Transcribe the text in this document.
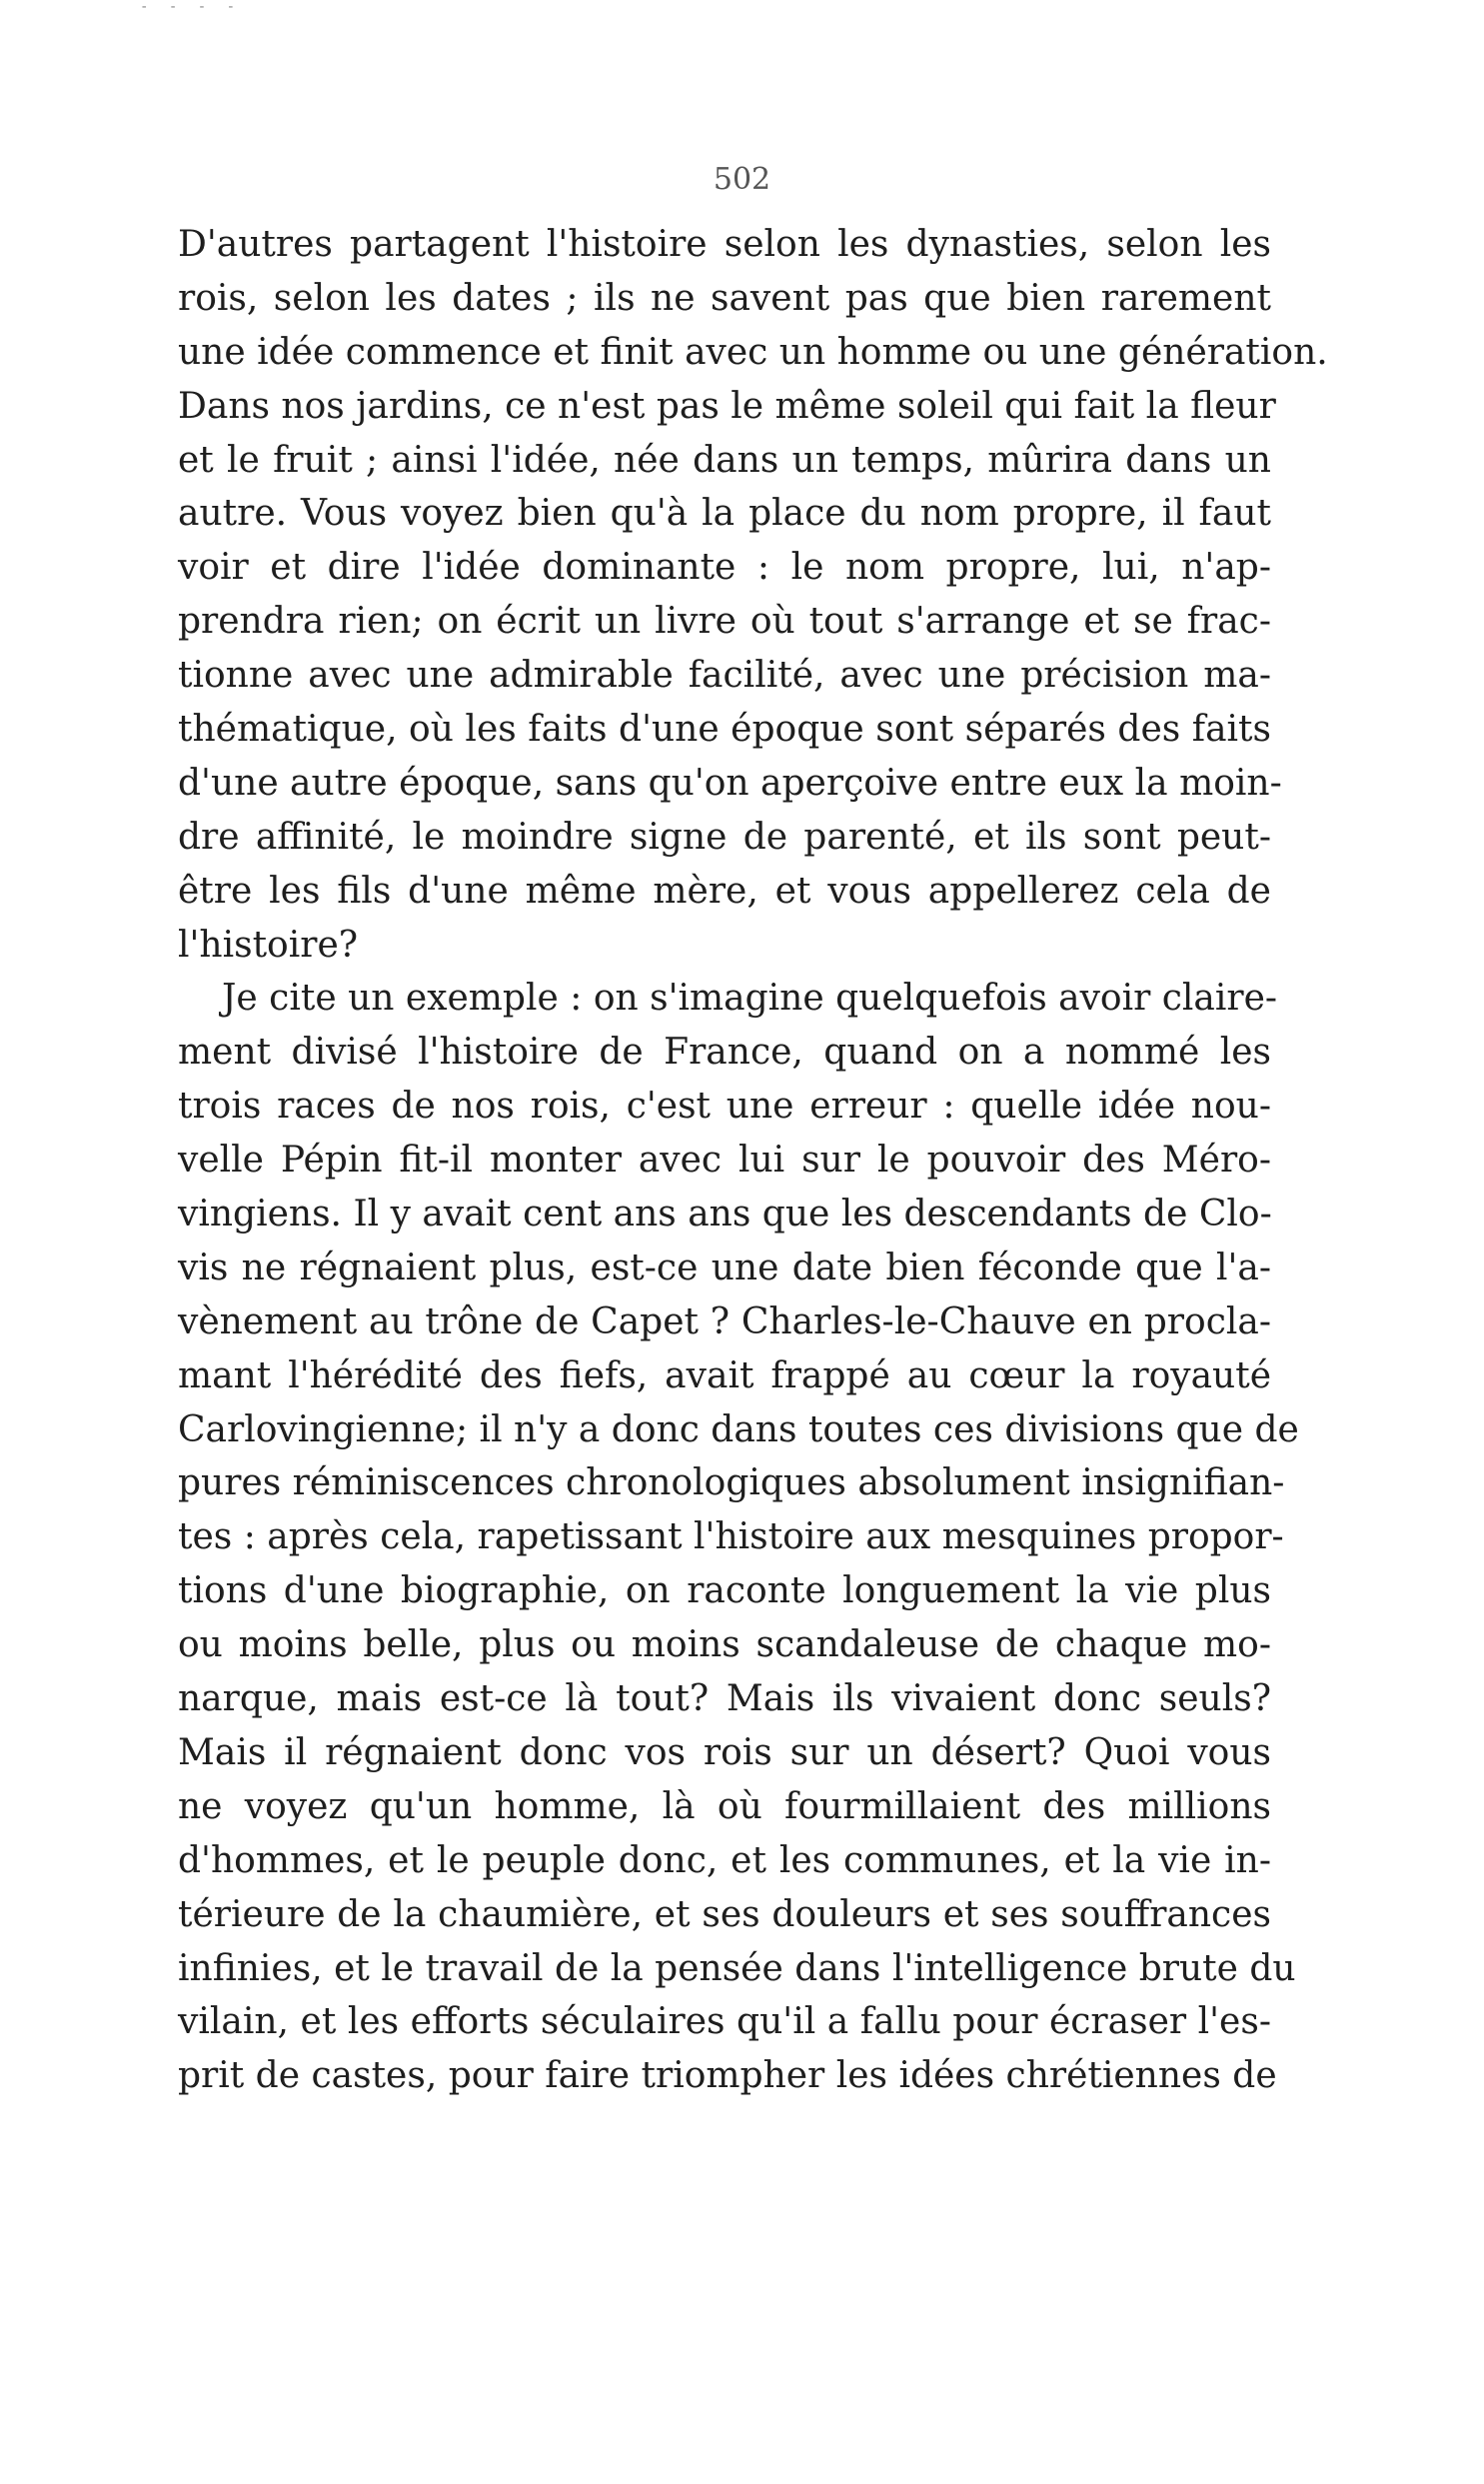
- - - -
502
D'autres partagent l'histoire selon les dynasties, selon les
rois, selon les dates ; ils ne savent pas que bien rarement
une idée commence et finit avec un homme ou une génération.
Dans nos jardins, ce n'est pas le même soleil qui fait la fleur
et le fruit ; ainsi l'idée, née dans un temps, mûrira dans un
autre. Vous voyez bien qu'à la place du nom propre, il faut
voir et dire l'idée dominante : le nom propre, lui, n'ap-
prendra rien; on écrit un livre où tout s'arrange et se frac-
tionne avec une admirable facilité, avec une précision ma-
thématique, où les faits d'une époque sont séparés des faits
d'une autre époque, sans qu'on aperçoive entre eux la moin-
dre affinité, le moindre signe de parenté, et ils sont peut-
être les fils d'une même mère, et vous appellerez cela de
l'histoire?
Je cite un exemple : on s'imagine quelquefois avoir claire-
ment divisé l'histoire de France, quand on a nommé les
trois races de nos rois, c'est une erreur : quelle idée nou-
velle Pépin fit-il monter avec lui sur le pouvoir des Méro-
vingiens. Il y avait cent ans ans que les descendants de Clo-
vis ne régnaient plus, est-ce une date bien féconde que l'a-
vènement au trône de Capet ? Charles-le-Chauve en procla-
mant l'hérédité des fiefs, avait frappé au cœur la royauté
Carlovingienne; il n'y a donc dans toutes ces divisions que de
pures réminiscences chronologiques absolument insignifian-
tes : après cela, rapetissant l'histoire aux mesquines propor-
tions d'une biographie, on raconte longuement la vie plus
ou moins belle, plus ou moins scandaleuse de chaque mo-
narque, mais est-ce là tout? Mais ils vivaient donc seuls?
Mais il régnaient donc vos rois sur un désert? Quoi vous
ne voyez qu'un homme, là où fourmillaient des millions
d'hommes, et le peuple donc, et les communes, et la vie in-
térieure de la chaumière, et ses douleurs et ses souffrances
infinies, et le travail de la pensée dans l'intelligence brute du
vilain, et les efforts séculaires qu'il a fallu pour écraser l'es-
prit de castes, pour faire triompher les idées chrétiennes de
